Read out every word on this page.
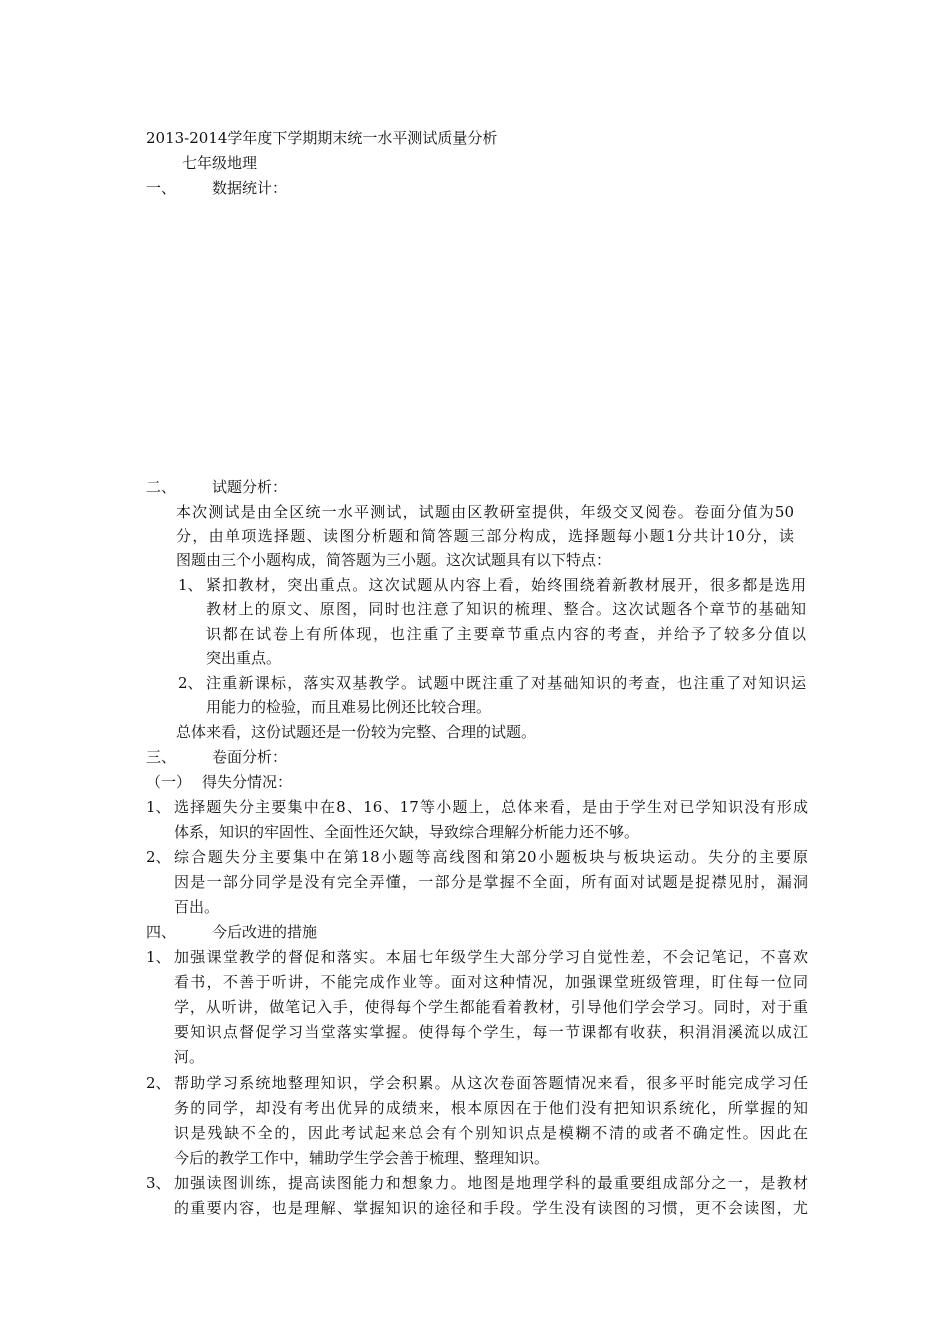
2013-2014学年度下学期期末统一水平测试质量分析
七年级地理
一、 数据统计：
二、 试题分析：
本次测试是由全区统一水平测试，试题由区教研室提供，年级交叉阅卷。卷面分值为50
分，由单项选择题、读图分析题和简答题三部分构成，选择题每小题1分共计10分，读
图题由三个小题构成，简答题为三小题。这次试题具有以下特点：
1、 紧扣教材，突出重点。这次试题从内容上看，始终围绕着新教材展开，很多都是选用
教材上的原文、原图，同时也注意了知识的梳理、整合。这次试题各个章节的基础知
识都在试卷上有所体现，也注重了主要章节重点内容的考查，并给予了较多分值以
突出重点。
2、 注重新课标，落实双基教学。试题中既注重了对基础知识的考查，也注重了对知识运
用能力的检验，而且难易比例还比较合理。
总体来看，这份试题还是一份较为完整、合理的试题。
三、 卷面分析：
（一） 得失分情况：
1、 选择题失分主要集中在8、16、17等小题上，总体来看，是由于学生对已学知识没有形成
体系，知识的牢固性、全面性还欠缺，导致综合理解分析能力还不够。
2、 综合题失分主要集中在第18小题等高线图和第20小题板块与板块运动。失分的主要原
因是一部分同学是没有完全弄懂，一部分是掌握不全面，所有面对试题是捉襟见肘，漏洞
百出。
四、 今后改进的措施
1、 加强课堂教学的督促和落实。本届七年级学生大部分学习自觉性差，不会记笔记，不喜欢
看书，不善于听讲，不能完成作业等。面对这种情况，加强课堂班级管理，盯住每一位同
学，从听讲，做笔记入手，使得每个学生都能看着教材，引导他们学会学习。同时，对于重
要知识点督促学习当堂落实掌握。使得每个学生，每一节课都有收获，积涓涓溪流以成江
河。
2、 帮助学习系统地整理知识，学会积累。从这次卷面答题情况来看，很多平时能完成学习任
务的同学，却没有考出优异的成绩来，根本原因在于他们没有把知识系统化，所掌握的知
识是残缺不全的，因此考试起来总会有个别知识点是模糊不清的或者不确定性。因此在
今后的教学工作中，辅助学生学会善于梳理、整理知识。
3、 加强读图训练，提高读图能力和想象力。地图是地理学科的最重要组成部分之一，是教材
的重要内容，也是理解、掌握知识的途径和手段。学生没有读图的习惯，更不会读图，尤
